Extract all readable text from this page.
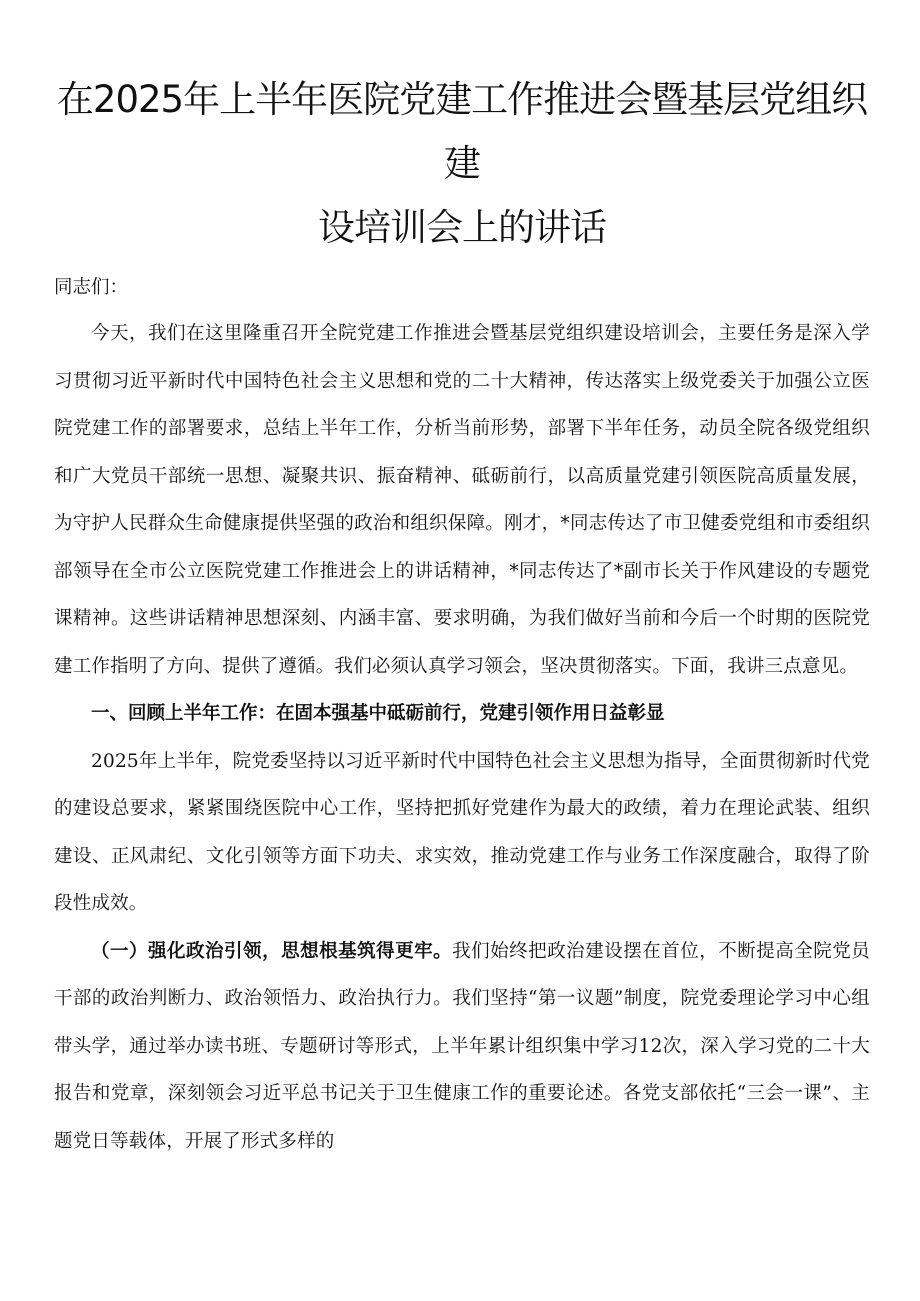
在2025年上半年医院党建工作推进会暨基层党组织建
设培训会上的讲话

同志们：

今天，我们在这里隆重召开全院党建工作推进会暨基层党组织建设培训会，主要任务是深入学习贯彻习近平新时代中国特色社会主义思想和党的二十大精神，传达落实上级党委关于加强公立医院党建工作的部署要求，总结上半年工作，分析当前形势，部署下半年任务，动员全院各级党组织和广大党员干部统一思想、凝聚共识、振奋精神、砥砺前行，以高质量党建引领医院高质量发展，为守护人民群众生命健康提供坚强的政治和组织保障。刚才，*同志传达了市卫健委党组和市委组织部领导在全市公立医院党建工作推进会上的讲话精神，*同志传达了*副市长关于作风建设的专题党课精神。这些讲话精神思想深刻、内涵丰富、要求明确，为我们做好当前和今后一个时期的医院党建工作指明了方向、提供了遵循。我们必须认真学习领会，坚决贯彻落实。下面，我讲三点意见。

一、回顾上半年工作：在固本强基中砥砺前行，党建引领作用日益彰显

2025年上半年，院党委坚持以习近平新时代中国特色社会主义思想为指导，全面贯彻新时代党的建设总要求，紧紧围绕医院中心工作，坚持把抓好党建作为最大的政绩，着力在理论武装、组织建设、正风肃纪、文化引领等方面下功夫、求实效，推动党建工作与业务工作深度融合，取得了阶段性成效。

（一）强化政治引领，思想根基筑得更牢。我们始终把政治建设摆在首位，不断提高全院党员干部的政治判断力、政治领悟力、政治执行力。我们坚持“第一议题”制度，院党委理论学习中心组带头学，通过举办读书班、专题研讨等形式，上半年累计组织集中学习12次，深入学习党的二十大报告和党章，深刻领会习近平总书记关于卫生健康工作的重要论述。各党支部依托“三会一课”、主题党日等载体，开展了形式多样的
